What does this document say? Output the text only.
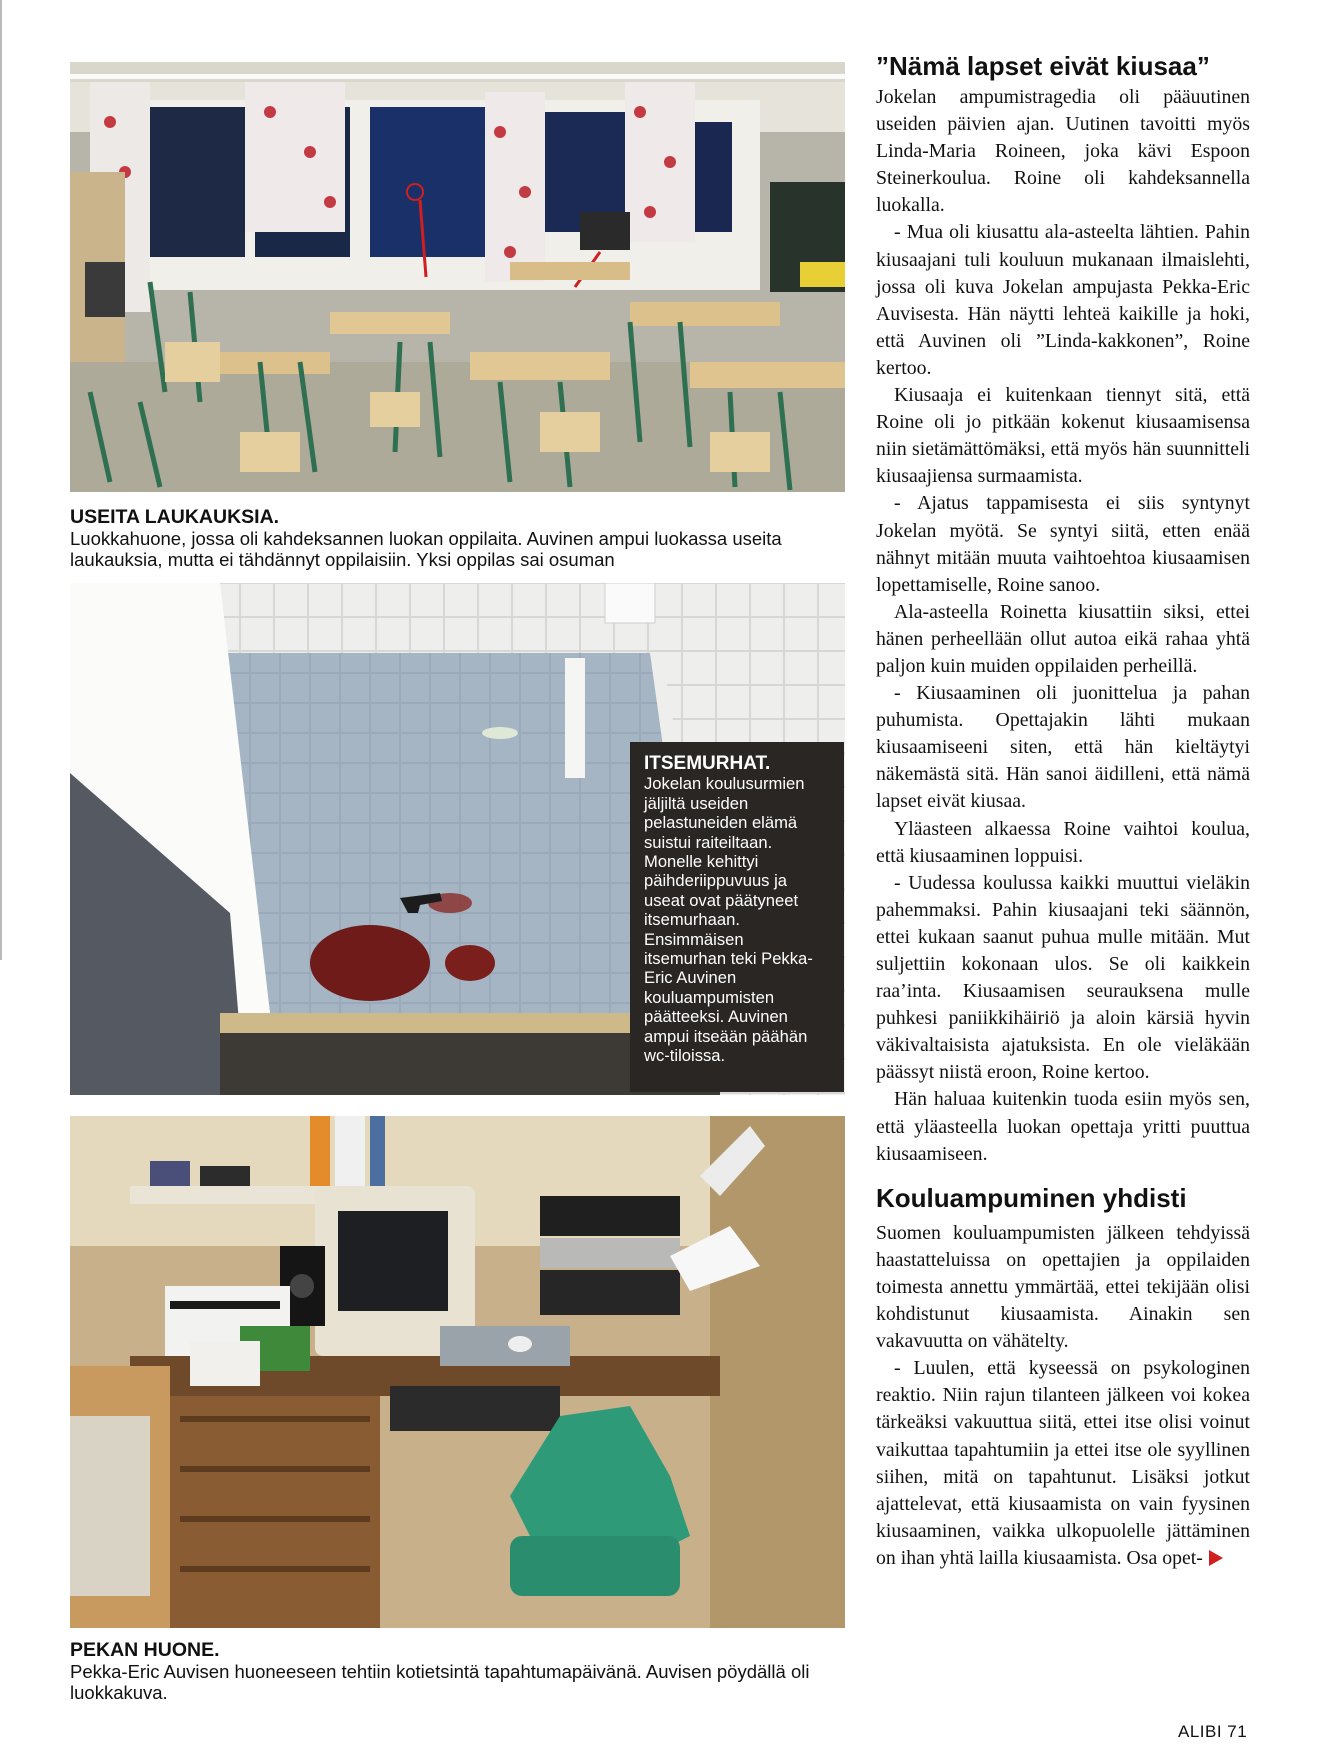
USEITA LAUKAUKSIA.
Luokkahuone, jossa oli kahdeksannen luokan oppilaita. Auvinen ampui luokassa useita laukauksia, mutta ei tähdännyt oppilaisiin. Yksi oppilas sai osuman
ITSEMURHAT.
Jokelan koulusurmien jäljiltä useiden pelastuneiden elämä suistui raiteiltaan. Monelle kehittyi päihderiippuvuus ja useat ovat päätyneet itsemurhaan. Ensimmäisen itsemurhan teki Pekka-Eric Auvinen kouluampumisten päätteeksi. Auvinen ampui itseään päähän wc-tiloissa.
PEKAN HUONE.
Pekka-Eric Auvisen huoneeseen tehtiin kotietsintä tapahtumapäivänä. Auvisen pöydällä oli luokkakuva.
”Nämä lapset eivät kiusaa”

Jokelan ampumistragedia oli pääuutinen useiden päivien ajan. Uutinen tavoitti myös Linda-Maria Roineen, joka kävi Espoon Steinerkoulua. Roine oli kahdeksannella luokalla.

- Mua oli kiusattu ala-asteelta lähtien. Pahin kiusaajani tuli kouluun mukanaan ilmaislehti, jossa oli kuva Jokelan ampujasta Pekka-Eric Auvisesta. Hän näytti lehteä kaikille ja hoki, että Auvinen oli ”Linda-kakkonen”, Roine kertoo.

Kiusaaja ei kuitenkaan tiennyt sitä, että Roine oli jo pitkään kokenut kiusaamisensa niin sietämättömäksi, että myös hän suunnitteli kiusaajiensa surmaamista.

- Ajatus tappamisesta ei siis syntynyt Jokelan myötä. Se syntyi siitä, etten enää nähnyt mitään muuta vaihtoehtoa kiusaamisen lopettamiselle, Roine sanoo.

Ala-asteella Roinetta kiusattiin siksi, ettei hänen perheellään ollut autoa eikä rahaa yhtä paljon kuin muiden oppilaiden perheillä.

- Kiusaaminen oli juonittelua ja pahan puhumista. Opettajakin lähti mukaan kiusaamiseeni siten, että hän kieltäytyi näkemästä sitä. Hän sanoi äidilleni, että nämä lapset eivät kiusaa.

Yläasteen alkaessa Roine vaihtoi koulua, että kiusaaminen loppuisi.

- Uudessa koulussa kaikki muuttui vieläkin pahemmaksi. Pahin kiusaajani teki säännön, ettei kukaan saanut puhua mulle mitään. Mut suljettiin kokonaan ulos. Se oli kaikkein raa’inta. Kiusaamisen seurauksena mulle puhkesi paniikkihäiriö ja aloin kärsiä hyvin väkivaltaisista ajatuksista. En ole vieläkään päässyt niistä eroon, Roine kertoo.

Hän haluaa kuitenkin tuoda esiin myös sen, että yläasteella luokan opettaja yritti puuttua kiusaamiseen.

Kouluampuminen yhdisti

Suomen kouluampumisten jälkeen tehdyissä haastatteluissa on opettajien ja oppilaiden toimesta annettu ymmärtää, ettei tekijään olisi kohdistunut kiusaamista. Ainakin sen vakavuutta on vähätelty.

- Luulen, että kyseessä on psykologinen reaktio. Niin rajun tilanteen jälkeen voi kokea tärkeäksi vakuuttua siitä, ettei itse olisi voinut vaikuttaa tapahtumiin ja ettei itse ole syyllinen siihen, mitä on tapahtunut. Lisäksi jotkut ajattelevat, että kiusaamista on vain fyysinen kiusaaminen, vaikka ulkopuolelle jättäminen on ihan yhtä lailla kiusaamista. Osa opet-

ALIBI 71
